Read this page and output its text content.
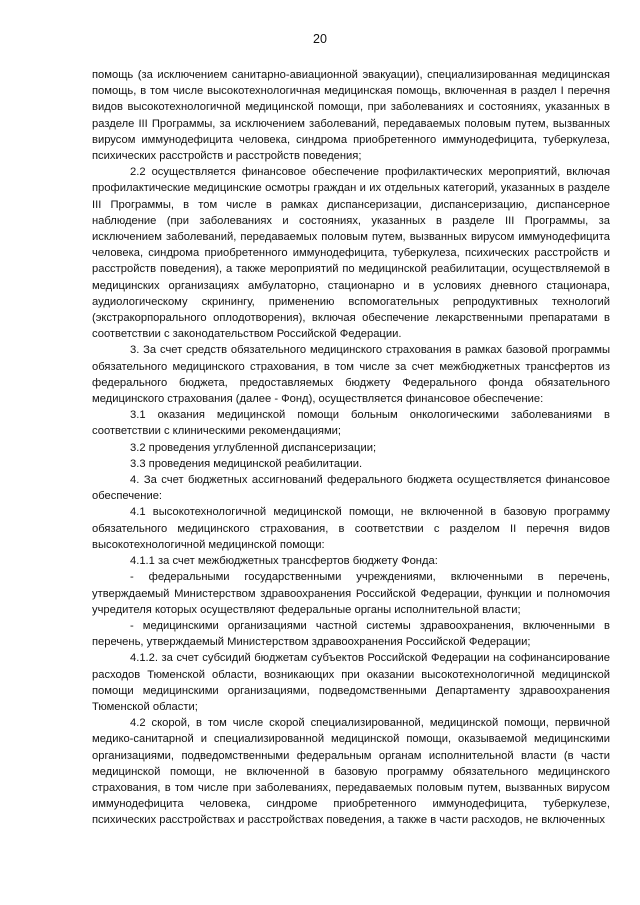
20

помощь (за исключением санитарно-авиационной эвакуации), специализированная медицинская помощь, в том числе высокотехнологичная медицинская помощь, включенная в раздел I перечня видов высокотехнологичной медицинской помощи, при заболеваниях и состояниях, указанных в разделе III Программы, за исключением заболеваний, передаваемых половым путем, вызванных вирусом иммунодефицита человека, синдрома приобретенного иммунодефицита, туберкулеза, психических расстройств и расстройств поведения;

2.2 осуществляется финансовое обеспечение профилактических мероприятий, включая профилактические медицинские осмотры граждан и их отдельных категорий, указанных в разделе III Программы, в том числе в рамках диспансеризации, диспансеризацию, диспансерное наблюдение (при заболеваниях и состояниях, указанных в разделе III Программы, за исключением заболеваний, передаваемых половым путем, вызванных вирусом иммунодефицита человека, синдрома приобретенного иммунодефицита, туберкулеза, психических расстройств и расстройств поведения), а также мероприятий по медицинской реабилитации, осуществляемой в медицинских организациях амбулаторно, стационарно и в условиях дневного стационара, аудиологическому скринингу, применению вспомогательных репродуктивных технологий (экстракорпорального оплодотворения), включая обеспечение лекарственными препаратами в соответствии с законодательством Российской Федерации.

3. За счет средств обязательного медицинского страхования в рамках базовой программы обязательного медицинского страхования, в том числе за счет межбюджетных трансфертов из федерального бюджета, предоставляемых бюджету Федерального фонда обязательного медицинского страхования (далее - Фонд), осуществляется финансовое обеспечение:

3.1 оказания медицинской помощи больным онкологическими заболеваниями в соответствии с клиническими рекомендациями;

3.2 проведения углубленной диспансеризации;

3.3 проведения медицинской реабилитации.

4. За счет бюджетных ассигнований федерального бюджета осуществляется финансовое обеспечение:

4.1 высокотехнологичной медицинской помощи, не включенной в базовую программу обязательного медицинского страхования, в соответствии с разделом II перечня видов высокотехнологичной медицинской помощи:

4.1.1 за счет межбюджетных трансфертов бюджету Фонда:

- федеральными государственными учреждениями, включенными в перечень, утверждаемый Министерством здравоохранения Российской Федерации, функции и полномочия учредителя которых осуществляют федеральные органы исполнительной власти;

- медицинскими организациями частной системы здравоохранения, включенными в перечень, утверждаемый Министерством здравоохранения Российской Федерации;

4.1.2. за счет субсидий бюджетам субъектов Российской Федерации на софинансирование расходов Тюменской области, возникающих при оказании высокотехнологичной медицинской помощи медицинскими организациями, подведомственными Департаменту здравоохранения Тюменской области;

4.2 скорой, в том числе скорой специализированной, медицинской помощи, первичной медико-санитарной и специализированной медицинской помощи, оказываемой медицинскими организациями, подведомственными федеральным органам исполнительной власти (в части медицинской помощи, не включенной в базовую программу обязательного медицинского страхования, в том числе при заболеваниях, передаваемых половым путем, вызванных вирусом иммунодефицита человека, синдроме приобретенного иммунодефицита, туберкулезе, психических расстройствах и расстройствах поведения, а также в части расходов, не включенных
